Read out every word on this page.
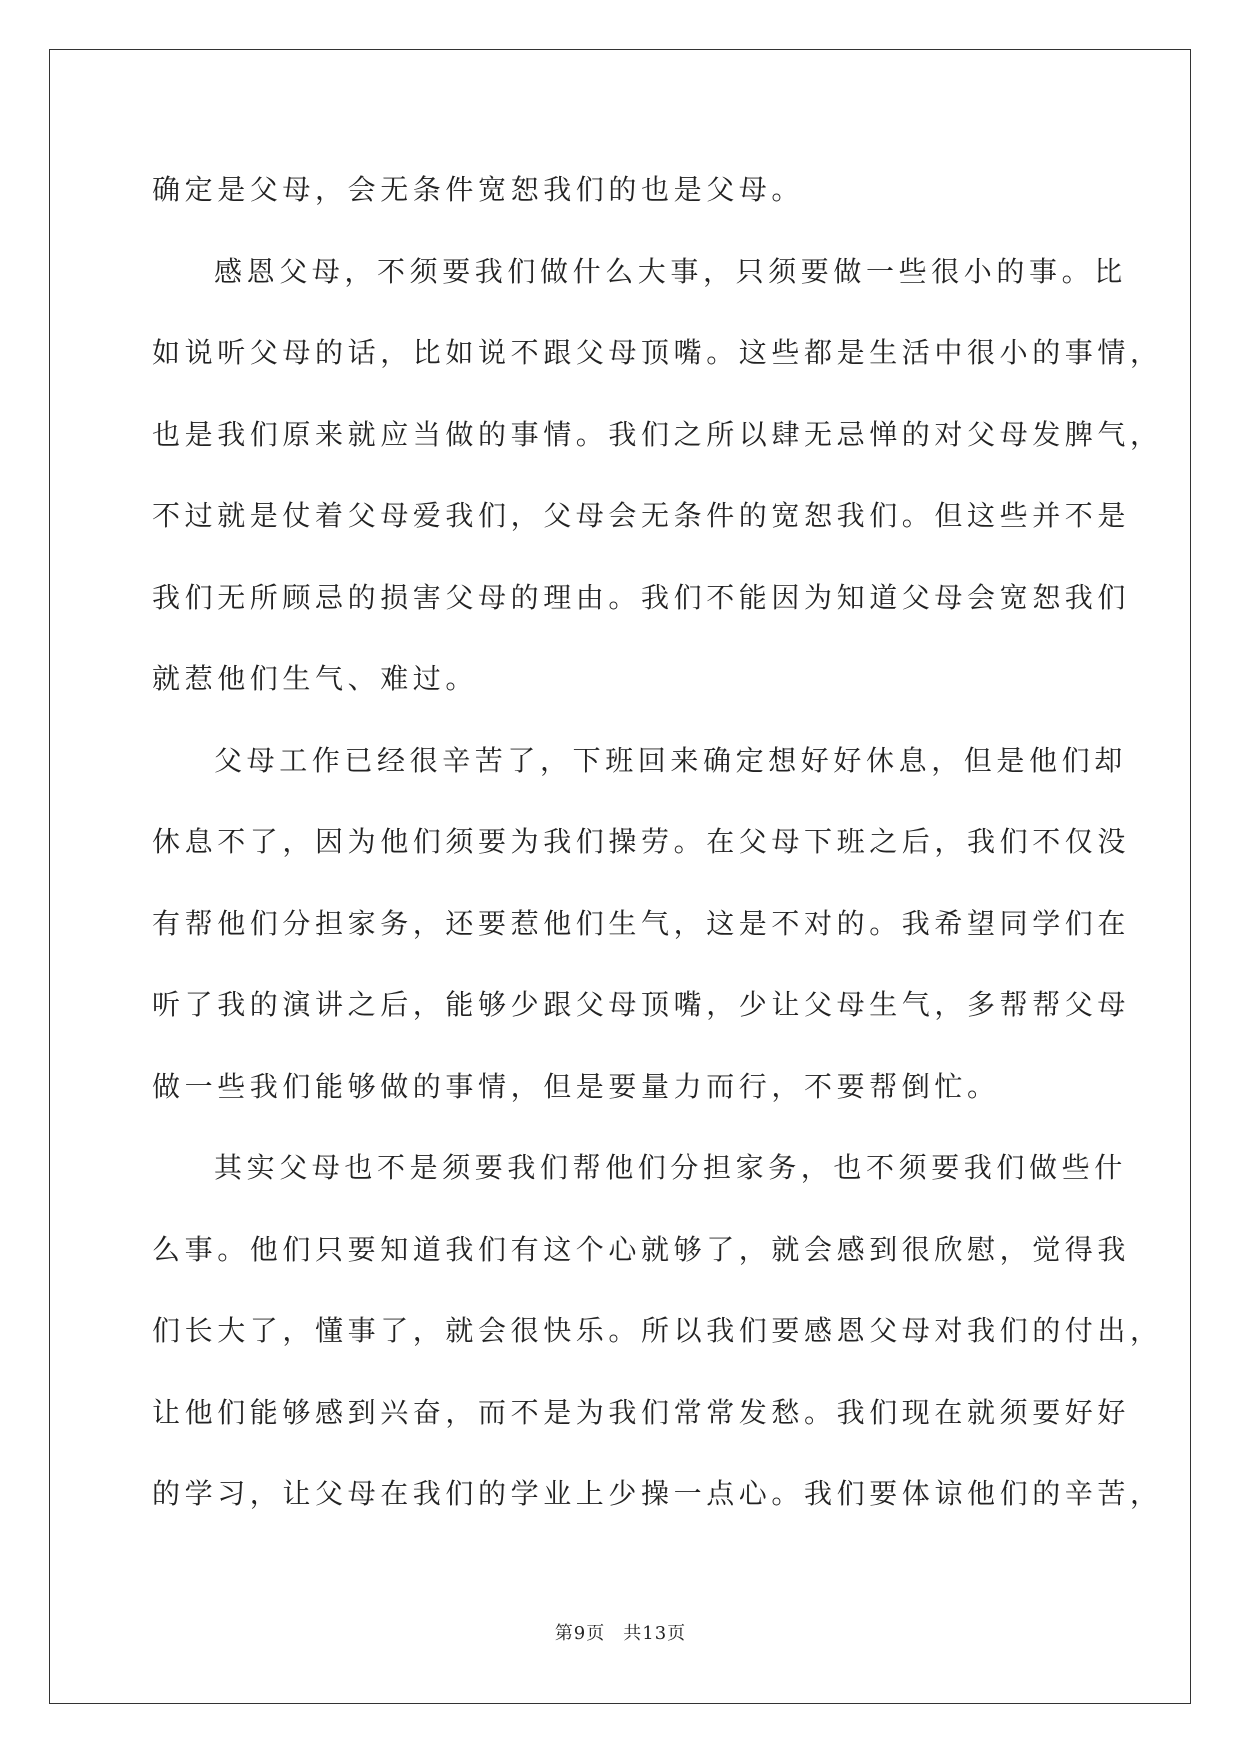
确定是父母，会无条件宽恕我们的也是父母。
感恩父母，不须要我们做什么大事，只须要做一些很小的事。比
如说听父母的话，比如说不跟父母顶嘴。这些都是生活中很小的事情，
也是我们原来就应当做的事情。我们之所以肆无忌惮的对父母发脾气，
不过就是仗着父母爱我们，父母会无条件的宽恕我们。但这些并不是
我们无所顾忌的损害父母的理由。我们不能因为知道父母会宽恕我们
就惹他们生气、难过。
父母工作已经很辛苦了，下班回来确定想好好休息，但是他们却
休息不了，因为他们须要为我们操劳。在父母下班之后，我们不仅没
有帮他们分担家务，还要惹他们生气，这是不对的。我希望同学们在
听了我的演讲之后，能够少跟父母顶嘴，少让父母生气，多帮帮父母
做一些我们能够做的事情，但是要量力而行，不要帮倒忙。
其实父母也不是须要我们帮他们分担家务，也不须要我们做些什
么事。他们只要知道我们有这个心就够了，就会感到很欣慰，觉得我
们长大了，懂事了，就会很快乐。所以我们要感恩父母对我们的付出，
让他们能够感到兴奋，而不是为我们常常发愁。我们现在就须要好好
的学习，让父母在我们的学业上少操一点心。我们要体谅他们的辛苦，
第9页 共13页
